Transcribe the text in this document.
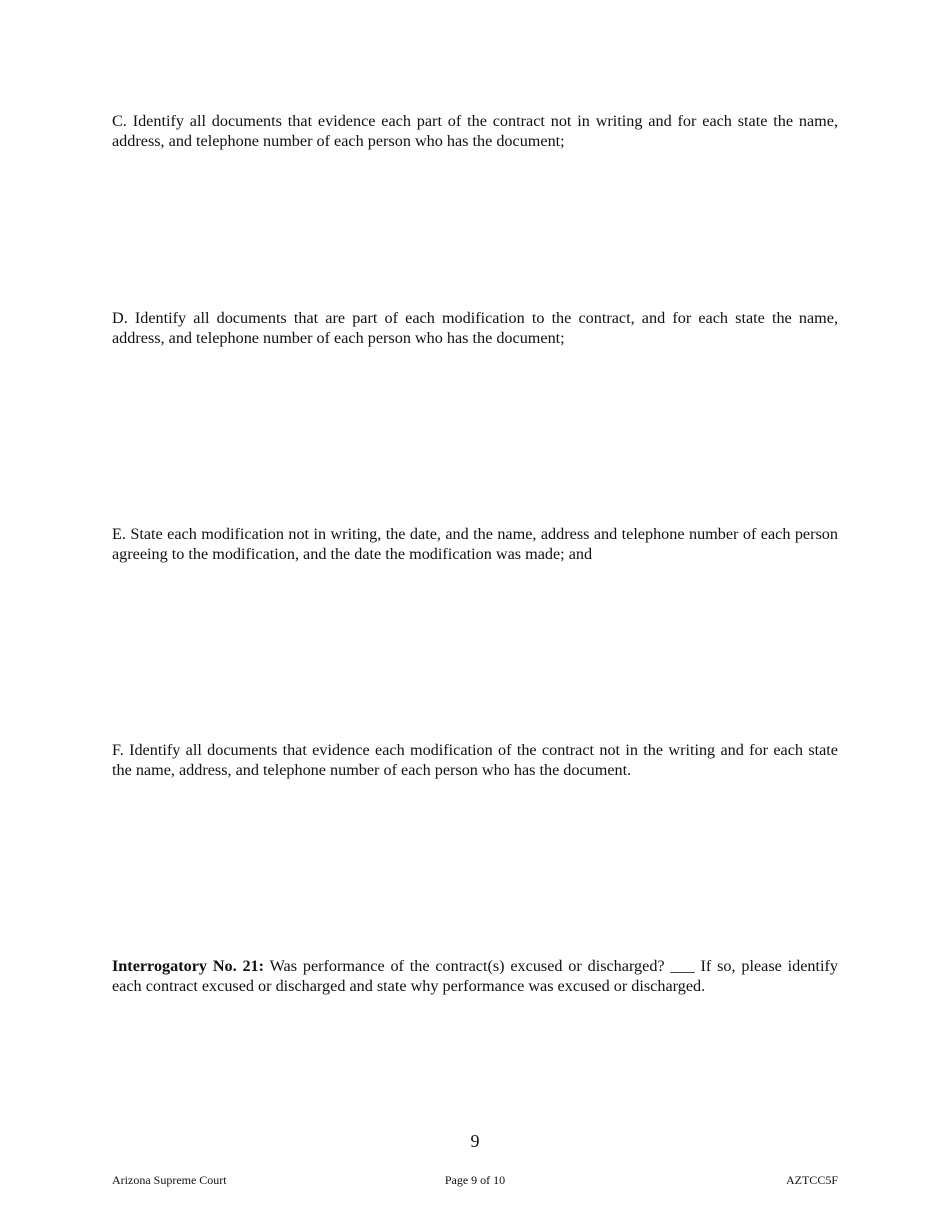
C. Identify all documents that evidence each part of the contract not in writing and for each state the name, address, and telephone number of each person who has the document;

D. Identify all documents that are part of each modification to the contract, and for each state the name, address, and telephone number of each person who has the document;

E. State each modification not in writing, the date, and the name, address and telephone number of each person agreeing to the modification, and the date the modification was made; and

F. Identify all documents that evidence each modification of the contract not in the writing and for each state the name, address, and telephone number of each person who has the document.

Interrogatory No. 21: Was performance of the contract(s) excused or discharged? ___ If so, please identify each contract excused or discharged and state why performance was excused or discharged.

9
Page 9 of 10
Arizona Supreme Court	AZTCC5F
